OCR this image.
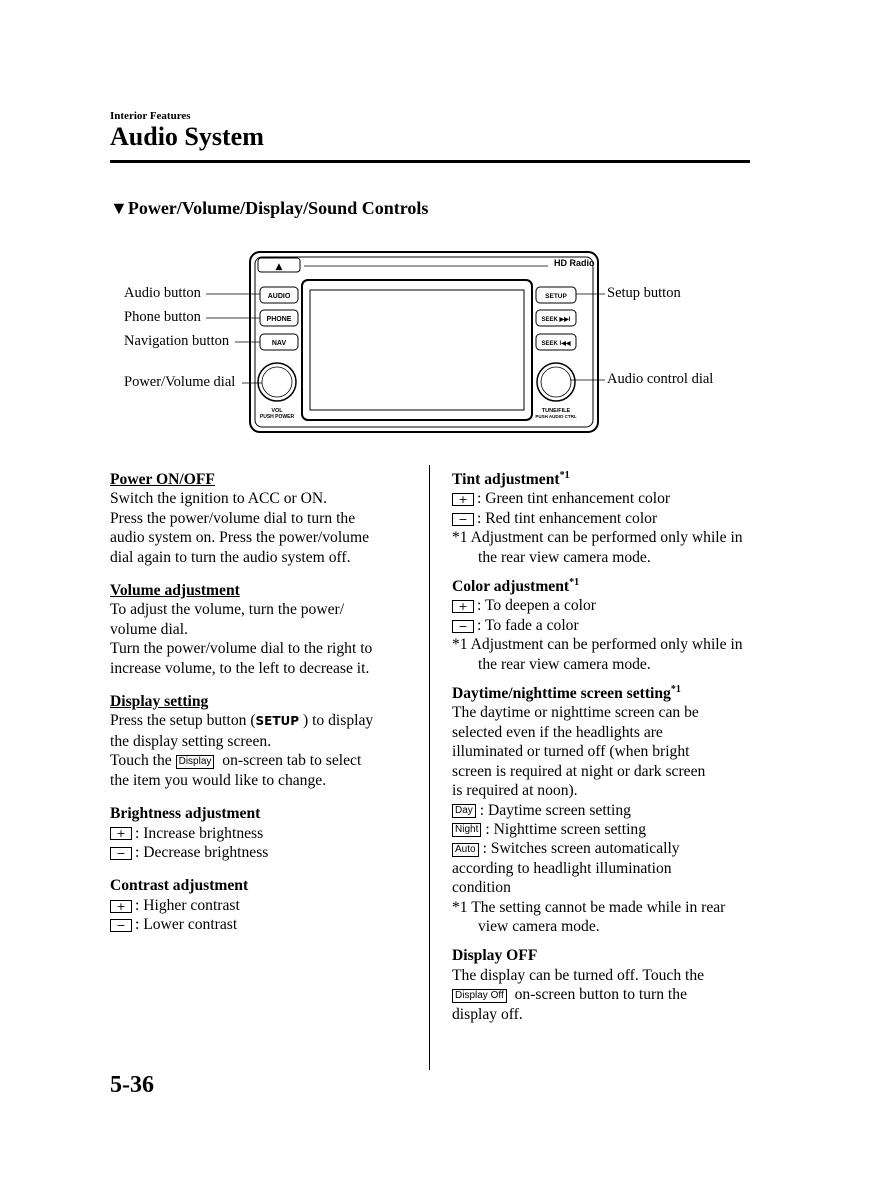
Interior Features
Audio System
▼Power/Volume/Display/Sound Controls
▲	HD Radio
AUDIO
PHONE
NAV
VOL
PUSH POWER
SETUP
SEEK ▶▶I
SEEK I◀◀
TUNE/FILE
PUSH AUDIO CTRL
Audio button
Phone button
Navigation button
Power/Volume dial
Setup button
Audio control dial

Power ON/OFF

Switch the ignition to ACC or ON.

Press the power/volume dial to turn the

audio system on. Press the power/volume

dial again to turn the audio system off.

Volume adjustment

To adjust the volume, turn the power/

volume dial.

Turn the power/volume dial to the right to

increase volume, to the left to decrease it.

Display setting

Press the setup button (SETUP ) to display

the display setting screen.

Touch the Display on-screen tab to select

the item you would like to change.

Brightness adjustment

+ : Increase brightness

− : Decrease brightness

Contrast adjustment

+ : Higher contrast

− : Lower contrast

Tint adjustment$^{*1}$

+ : Green tint enhancement color

− : Red tint enhancement color

*1 Adjustment can be performed only while in the rear view camera mode.

Color adjustment$^{*1}$

+ : To deepen a color

− : To fade a color

*1 Adjustment can be performed only while in the rear view camera mode.

Daytime/nighttime screen setting$^{*1}$

The daytime or nighttime screen can be

selected even if the headlights are

illuminated or turned off (when bright

screen is required at night or dark screen

is required at noon).

Day : Daytime screen setting

Night : Nighttime screen setting

Auto : Switches screen automatically

according to headlight illumination

condition

*1 The setting cannot be made while in rear view camera mode.

Display OFF

The display can be turned off. Touch the

Display Off on-screen button to turn the

display off.

5-36
